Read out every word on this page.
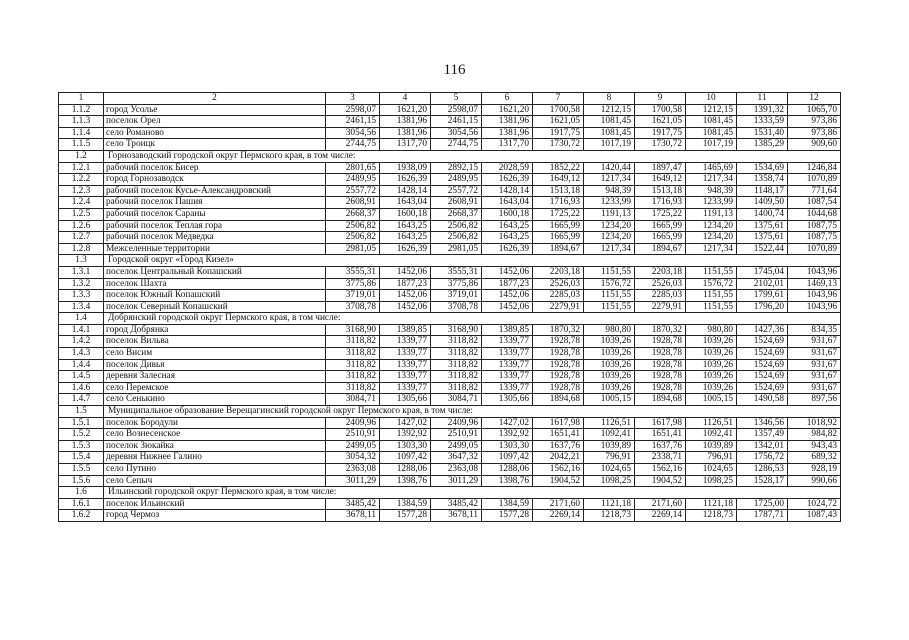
116
1	2	3	4	5	6	7	8	9	10	11	12
1.1.2	город Усолье	2598,07	1621,20	2598,07	1621,20	1700,58	1212,15	1700,58	1212,15	1391,32	1065,70
1.1.3	поселок Орел	2461,15	1381,96	2461,15	1381,96	1621,05	1081,45	1621,05	1081,45	1333,59	973,86
1.1.4	село Романово	3054,56	1381,96	3054,56	1381,96	1917,75	1081,45	1917,75	1081,45	1531,40	973,86
1.1.5	село Троицк	2744,75	1317,70	2744,75	1317,70	1730,72	1017,19	1730,72	1017,19	1385,29	909,60
1.2	Горнозаводский городской округ Пермского края, в том числе:										
1.2.1	рабочий поселок Бисер	2801,65	1938,09	2892,15	2028,59	1852,22	1420,44	1897,47	1465,69	1534,69	1246,84
1.2.2	город Горнозаводск	2489,95	1626,39	2489,95	1626,39	1649,12	1217,34	1649,12	1217,34	1358,74	1070,89
1.2.3	рабочий поселок Кусье-Александровский	2557,72	1428,14	2557,72	1428,14	1513,18	948,39	1513,18	948,39	1148,17	771,64
1.2.4	рабочий поселок Пашия	2608,91	1643,04	2608,91	1643,04	1716,93	1233,99	1716,93	1233,99	1409,50	1087,54
1.2.5	рабочий поселок Сараны	2668,37	1600,18	2668,37	1600,18	1725,22	1191,13	1725,22	1191,13	1400,74	1044,68
1.2.6	рабочий поселок Теплая гора	2506,82	1643,25	2506,82	1643,25	1665,99	1234,20	1665,99	1234,20	1375,61	1087,75
1.2.7	рабочий поселок Медведка	2506,82	1643,25	2506,82	1643,25	1665,99	1234,20	1665,99	1234,20	1375,61	1087,75
1.2.8	Межселенные территории	2981,05	1626,39	2981,05	1626,39	1894,67	1217,34	1894,67	1217,34	1522,44	1070,89
1.3	Городской округ «Город Кизел»										
1.3.1	поселок Центральный Копашский	3555,31	1452,06	3555,31	1452,06	2203,18	1151,55	2203,18	1151,55	1745,04	1043,96
1.3.2	поселок Шахта	3775,86	1877,23	3775,86	1877,23	2526,03	1576,72	2526,03	1576,72	2102,01	1469,13
1.3.3	поселок Южный Копашский	3719,01	1452,06	3719,01	1452,06	2285,03	1151,55	2285,03	1151,55	1799,61	1043,96
1.3.4	поселок Северный Копашский	3708,78	1452,06	3708,78	1452,06	2279,91	1151,55	2279,91	1151,55	1796,20	1043,96
1.4	Добрянский городской округ Пермского края, в том числе:										
1.4.1	город Добрянка	3168,90	1389,85	3168,90	1389,85	1870,32	980,80	1870,32	980,80	1427,36	834,35
1.4.2	поселок Вильва	3118,82	1339,77	3118,82	1339,77	1928,78	1039,26	1928,78	1039,26	1524,69	931,67
1.4.3	село Висим	3118,82	1339,77	3118,82	1339,77	1928,78	1039,26	1928,78	1039,26	1524,69	931,67
1.4.4	поселок Дивья	3118,82	1339,77	3118,82	1339,77	1928,78	1039,26	1928,78	1039,26	1524,69	931,67
1.4.5	деревня Залесная	3118,82	1339,77	3118,82	1339,77	1928,78	1039,26	1928,78	1039,26	1524,69	931,67
1.4.6	село Перемское	3118,82	1339,77	3118,82	1339,77	1928,78	1039,26	1928,78	1039,26	1524,69	931,67
1.4.7	село Сенькино	3084,71	1305,66	3084,71	1305,66	1894,68	1005,15	1894,68	1005,15	1490,58	897,56
1.5	Муниципальное образование Верещагинский городской округ Пермского края, в том числе:										
1.5.1	поселок Бородули	2409,96	1427,02	2409,96	1427,02	1617,98	1126,51	1617,98	1126,51	1346,56	1018,92
1.5.2	село Вознесенское	2510,91	1392,92	2510,91	1392,92	1651,41	1092,41	1651,41	1092,41	1357,49	984,82
1.5.3	поселок Зюкайка	2499,05	1303,30	2499,05	1303,30	1637,76	1039,89	1637,76	1039,89	1342,01	943,43
1.5.4	деревня Нижнее Галино	3054,32	1097,42	3647,32	1097,42	2042,21	796,91	2338,71	796,91	1756,72	689,32
1.5.5	село Путино	2363,08	1288,06	2363,08	1288,06	1562,16	1024,65	1562,16	1024,65	1286,53	928,19
1.5.6	село Сепыч	3011,29	1398,76	3011,29	1398,76	1904,52	1098,25	1904,52	1098,25	1528,17	990,66
1.6	Ильинский городской округ Пермского края, в том числе:										
1.6.1	поселок Ильинский	3485,42	1384,59	3485,42	1384,59	2171,60	1121,18	2171,60	1121,18	1725,00	1024,72
1.6.2	город Чермоз	3678,11	1577,28	3678,11	1577,28	2269,14	1218,73	2269,14	1218,73	1787,71	1087,43
